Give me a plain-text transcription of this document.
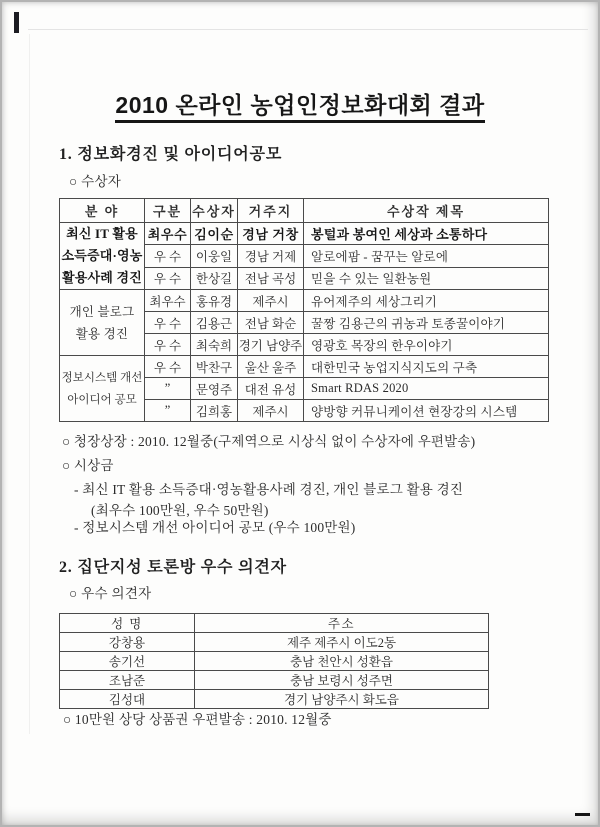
2010 온라인 농업인정보화대회 결과
1. 정보화경진 및 아이디어공모
○ 수상자
분 야	구분	수상자	거주지	수상작 제목

최신 IT 활용
소득증대·영농
활용사례 경진	최우수	김이순	경남 거창	봉털과 봉여인 세상과 소통하다
	우 수	이웅일	경남 거제	알로에팜 - 꿈꾸는 알로에
	우 수	한상길	전남 곡성	믿을 수 있는 일환농원

개인 블로그
활용 경진	최우수	홍유경	제주시	유어제주의 세상그리기
	우 수	김용근	전남 화순	꿀짱 김용근의 귀농과 토종꿀이야기
	우 수	최숙희	경기 남양주	영광호 목장의 한우이야기

정보시스템 개선
아이디어 공모	우 수	박찬구	울산 울주	대한민국 농업지식지도의 구축
	”	문영주	대전 유성	Smart RDAS 2020
	”	김희홍	제주시	양방향 커뮤니케이션 현장강의 시스템
○ 청장상장 : 2010. 12월중(구제역으로 시상식 없이 수상자에 우편발송)
○ 시상금
- 최신 IT 활용 소득증대·영농활용사례 경진, 개인 블로그 활용 경진
(최우수 100만원, 우수 50만원)
- 정보시스템 개선 아이디어 공모 (우수 100만원)
2. 집단지성 토론방 우수 의견자
○ 우수 의견자
성 명	주소
강창용	제주 제주시 이도2동
송기선	충남 천안시 성환읍
조남준	충남 보령시 성주면
김성대	경기 남양주시 화도읍
○ 10만원 상당 상품권 우편발송 : 2010. 12월중
